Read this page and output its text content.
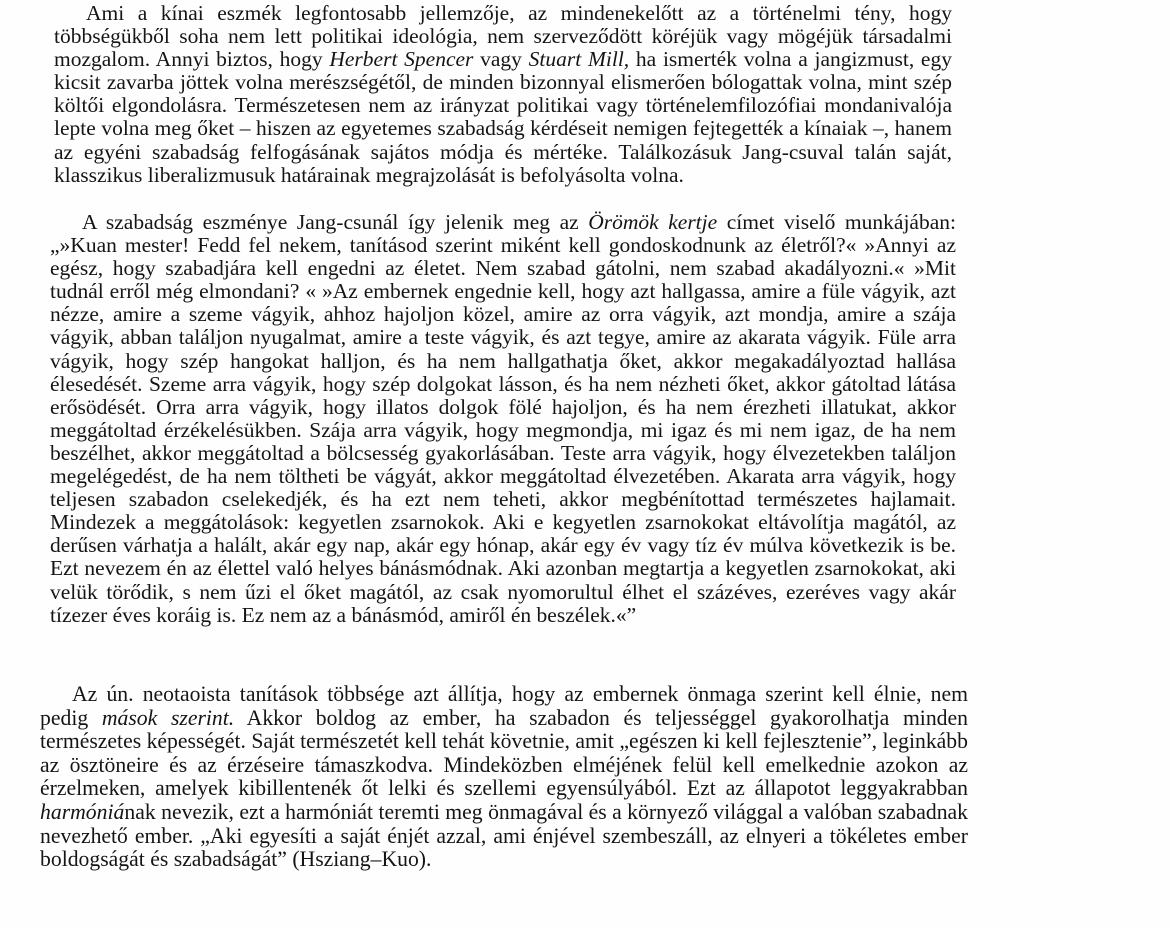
Ami a kínai eszmék legfontosabb jellemzője, az mindenekelőtt az a történelmi tény, hogy többségükből soha nem lett politikai ideológia, nem szerveződött köréjük vagy mögéjük társadalmi mozgalom. Annyi biztos, hogy Herbert Spencer vagy Stuart Mill, ha ismerték volna a jangizmust, egy kicsit zavarba jöttek volna merészségétől, de minden bizonnyal elismerően bólogattak volna, mint szép költői elgondolásra. Természetesen nem az irányzat politikai vagy történelemfilozófiai mondanivalója lepte volna meg őket – hiszen az egyetemes szabadság kérdéseit nemigen fejtegették a kínaiak –, hanem az egyéni szabadság felfogásának sajátos módja és mértéke. Találkozásuk Jang-csuval talán saját, klasszikus liberalizmusuk határainak megrajzolását is befolyásolta volna.

A szabadság eszménye Jang-csunál így jelenik meg az Örömök kertje címet viselő munkájában: „»Kuan mester! Fedd fel nekem, tanításod szerint miként kell gondoskodnunk az életről?« »Annyi az egész, hogy szabadjára kell engedni az életet. Nem szabad gátolni, nem szabad akadályozni.« »Mit tudnál erről még elmondani? « »Az embernek engednie kell, hogy azt hallgassa, amire a füle vágyik, azt nézze, amire a szeme vágyik, ahhoz hajoljon közel, amire az orra vágyik, azt mondja, amire a szája vágyik, abban találjon nyugalmat, amire a teste vágyik, és azt tegye, amire az akarata vágyik. Füle arra vágyik, hogy szép hangokat halljon, és ha nem hallgathatja őket, akkor megakadályoztad hallása élesedését. Szeme arra vágyik, hogy szép dolgokat lásson, és ha nem nézheti őket, akkor gátoltad látása erősödését. Orra arra vágyik, hogy illatos dolgok fölé hajoljon, és ha nem érezheti illatukat, akkor meggátoltad érzékelésükben. Szája arra vágyik, hogy megmondja, mi igaz és mi nem igaz, de ha nem beszélhet, akkor meggátoltad a bölcsesség gyakorlásában. Teste arra vágyik, hogy élvezetekben találjon megelégedést, de ha nem töltheti be vágyát, akkor meggátoltad élvezetében. Akarata arra vágyik, hogy teljesen szabadon cselekedjék, és ha ezt nem teheti, akkor megbénítottad természetes hajlamait. Mindezek a meggátolások: kegyetlen zsarnokok. Aki e kegyetlen zsarnokokat eltávolítja magától, az derűsen várhatja a halált, akár egy nap, akár egy hónap, akár egy év vagy tíz év múlva következik is be. Ezt nevezem én az élettel való helyes bánásmódnak. Aki azonban megtartja a kegyetlen zsarnokokat, aki velük törődik, s nem űzi el őket magától, az csak nyomorultul élhet el százéves, ezeréves vagy akár tízezer éves koráig is. Ez nem az a bánásmód, amiről én beszélek.«”

Az ún. neotaoista tanítások többsége azt állítja, hogy az embernek önmaga szerint kell élnie, nem pedig mások szerint. Akkor boldog az ember, ha szabadon és teljességgel gyakorolhatja minden természetes képességét. Saját természetét kell tehát követnie, amit „egészen ki kell fejlesztenie”, leginkább az ösztöneire és az érzéseire támaszkodva. Mindeközben elméjének felül kell emelkednie azokon az érzelmeken, amelyek kibillentenék őt lelki és szellemi egyensúlyából. Ezt az állapotot leggyakrabban harmóniának nevezik, ezt a harmóniát teremti meg önmagával és a környező világgal a valóban szabadnak nevezhető ember. „Aki egyesíti a saját énjét azzal, ami énjével szembeszáll, az elnyeri a tökéletes ember boldogságát és szabadságát” (Hsziang–Kuo).
